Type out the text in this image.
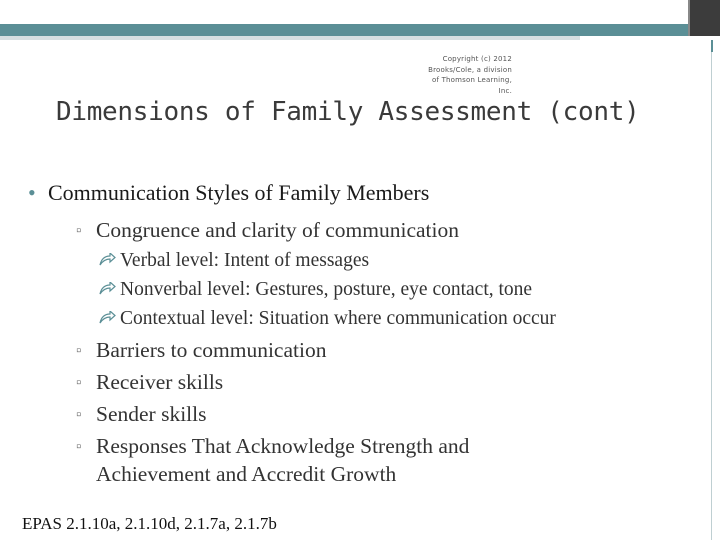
Copyright (c) 2012 Brooks/Cole, a division of Thomson Learning, Inc.
Dimensions of Family Assessment (cont)
• Communication Styles of Family Members
▫ Congruence and clarity of communication
Verbal level: Intent of messages
Nonverbal level: Gestures, posture, eye contact, tone
Contextual level: Situation where communication occur
▫ Barriers to communication
▫ Receiver skills
▫ Sender skills
▫ Responses That Acknowledge Strength and
Achievement and Accredit Growth
EPAS 2.1.10a, 2.1.10d, 2.1.7a, 2.1.7b
